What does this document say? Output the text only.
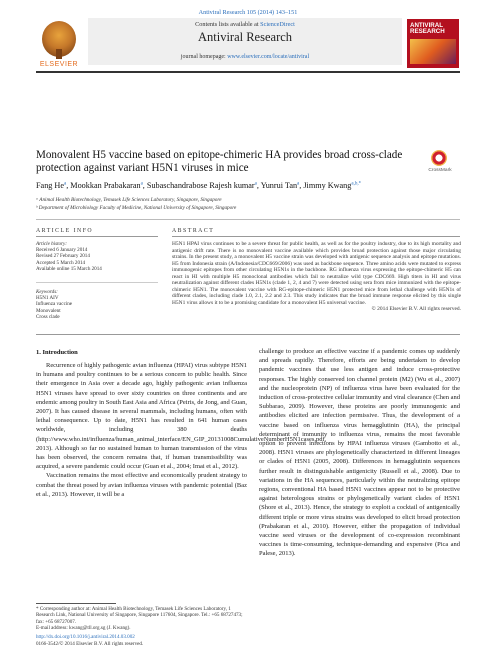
Antiviral Research 105 (2014) 143–151
ELSEVIER
Contents lists available at ScienceDirect
Antiviral Research
journal homepage: www.elsevier.com/locate/antiviral
ANTIVIRAL RESEARCH
Monovalent H5 vaccine based on epitope-chimeric HA provides broad cross-clade protection against variant H5N1 viruses in mice	CrossMark
Fang He$^a$, Mookkan Prabakaran$^a$, Subaschandrabose Rajesh kumar$^a$, Yunrui Tan$^a$, Jimmy Kwang$^{a,b,*}$
ᵃ Animal Health Biotechnology, Temasek Life Sciences Laboratory, Singapore, Singapore
ᵇ Department of Microbiology Faculty of Medicine, National University of Singapore, Singapore
ARTICLE INFO	ABSTRACT
Article history:
Received 6 January 2014
Revised 27 February 2014
Accepted 5 March 2014
Available online 15 March 2014
Keywords:
H5N1 AIV
Influenza vaccine
Monovalent
Cross clade
H5N1 HPAI virus continues to be a severe threat for public health, as well as for the poultry industry, due to its high mortality and antigenic drift rate. There is no monovalent vaccine available which provides broad protection against those major circulating strains. In the present study, a monovalent H5 vaccine strain was developed with antigenic sequence analysis and epitope mutations. H5 from Indonesia strain (A/Indonesia/CDC669/2006) was used as backbone sequence. Three amino acids were mutated to express immunogenic epitopes from other circulating H5N1s in the backbone. RG influenza virus expressing the epitope-chimeric H5 can react in HI with multiple H5 monoclonal antibodies which fail to neutralize wild type CDC669. High titers in HI and virus neutralization against different clades H5N1s (clade 1, 2, 4 and 7) were detected using sera from mice immunized with the epitope-chimeric H5N1. The monovalent vaccine with RG-epitope-chimeric H5N1 protected mice from lethal challenge with H5N1s of different clades, including clade 1.0, 2.1, 2.2 and 2.3. This study indicates that the broad immune response elicited by this single H5N1 virus allows it to be a promising candidate for a monovalent H5 universal vaccine.
© 2014 Elsevier B.V. All rights reserved.
1. Introduction
Recurrence of highly pathogenic avian influenza (HPAI) virus subtype H5N1 in humans and poultry continues to be a serious concern to public health. Since their emergence in Asia over a decade ago, highly pathogenic avian influenza H5N1 viruses have spread to over sixty countries on three continents and are endemic among poultry in South East Asia and Africa (Peiris, de Jong, and Guan, 2007). It has caused disease in several mammals, including humans, often with lethal consequence. Up to date, H5N1 has resulted in 641 human cases worldwide, including 380 deaths (http://www.who.int/influenza/human_animal_interface/EN_GIP_20131008CumulativeNumberH5N1cases.pdf, 2013). Although so far no sustained human to human transmission of the virus has been observed, the concern remains that, if human transmissibility was acquired, a severe pandemic could occur (Guan et al., 2004; Imai et al., 2012).
Vaccination remains the most effective and economically prudent strategy to combat the threat posed by avian influenza viruses with pandemic potential (Baz et al., 2013). However, it will be a
challenge to produce an effective vaccine if a pandemic comes up suddenly and spreads rapidly. Therefore, efforts are being undertaken to develop pandemic vaccines that use less antigen and induce cross-protective responses. The highly conserved ion channel protein (M2) (Wu et al., 2007) and the nucleoprotein (NP) of influenza virus have been evaluated for the induction of cross-protective cellular immunity and viral clearance (Chen and Subbarao, 2009). However, these proteins are poorly immunogenic and antibodies elicited are infection permissive. Thus, the development of a vaccine based on influenza virus hemagglutinin (HA), the principal determinant of immunity to influenza virus, remains the most favorable option to prevent infections by HPAI influenza viruses (Gambotto et al., 2008). H5N1 viruses are phylogenetically characterized in different lineages or clades of H5N1 (2005, 2008). Differences in hemagglutinin sequences further result in distinguishable antigenicity (Russell et al., 2008). Due to variations in the HA sequences, particularly within the neutralizing epitope regions, conventional HA based H5N1 vaccines appear not to be protective against heterologous strains or phylogenetically variant clades of H5N1 (Shore et al., 2013). Hence, the strategy to exploit a cocktail of antigenically different triple or more virus strains was developed to elicit broad protection (Prabakaran et al., 2010). However, either the propagation of individual vaccine seed viruses or the development of co-expression recombinant vaccines is time-consuming, technique-demanding and expensive (Pica and Palese, 2013).
* Corresponding author at: Animal Health Biotechnology, Temasek Life Sciences Laboratory, 1 Research Link, National University of Singapore, Singapore 117604, Singapore. Tel.: +65 68727473; fax: +65 68727007.
E-mail address: kwang@tll.org.sg (J. Kwang).
http://dx.doi.org/10.1016/j.antiviral.2014.03.002
0166-3542/© 2014 Elsevier B.V. All rights reserved.
